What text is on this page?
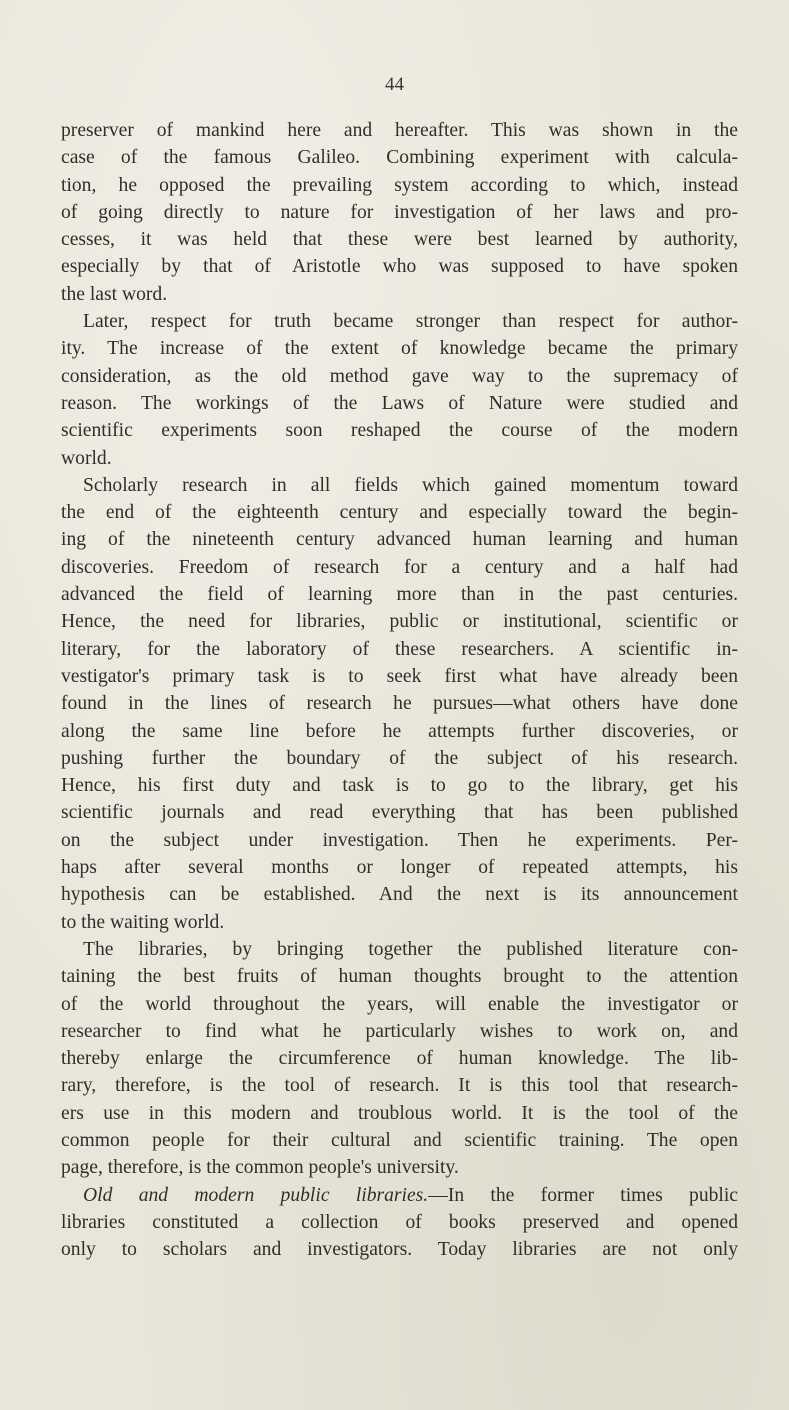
44
preserver of mankind here and hereafter. This was shown in the
case of the famous Galileo. Combining experiment with calcula-
tion, he opposed the prevailing system according to which, instead
of going directly to nature for investigation of her laws and pro-
cesses, it was held that these were best learned by authority,
especially by that of Aristotle who was supposed to have spoken
the last word.
Later, respect for truth became stronger than respect for author-
ity. The increase of the extent of knowledge became the primary
consideration, as the old method gave way to the supremacy of
reason. The workings of the Laws of Nature were studied and
scientific experiments soon reshaped the course of the modern
world.
Scholarly research in all fields which gained momentum toward
the end of the eighteenth century and especially toward the begin-
ing of the nineteenth century advanced human learning and human
discoveries. Freedom of research for a century and a half had
advanced the field of learning more than in the past centuries.
Hence, the need for libraries, public or institutional, scientific or
literary, for the laboratory of these researchers. A scientific in-
vestigator's primary task is to seek first what have already been
found in the lines of research he pursues—what others have done
along the same line before he attempts further discoveries, or
pushing further the boundary of the subject of his research.
Hence, his first duty and task is to go to the library, get his
scientific journals and read everything that has been published
on the subject under investigation. Then he experiments. Per-
haps after several months or longer of repeated attempts, his
hypothesis can be established. And the next is its announcement
to the waiting world.
The libraries, by bringing together the published literature con-
taining the best fruits of human thoughts brought to the attention
of the world throughout the years, will enable the investigator or
researcher to find what he particularly wishes to work on, and
thereby enlarge the circumference of human knowledge. The lib-
rary, therefore, is the tool of research. It is this tool that research-
ers use in this modern and troublous world. It is the tool of the
common people for their cultural and scientific training. The open
page, therefore, is the common people's university.
Old and modern public libraries.—In the former times public
libraries constituted a collection of books preserved and opened
only to scholars and investigators. Today libraries are not only
